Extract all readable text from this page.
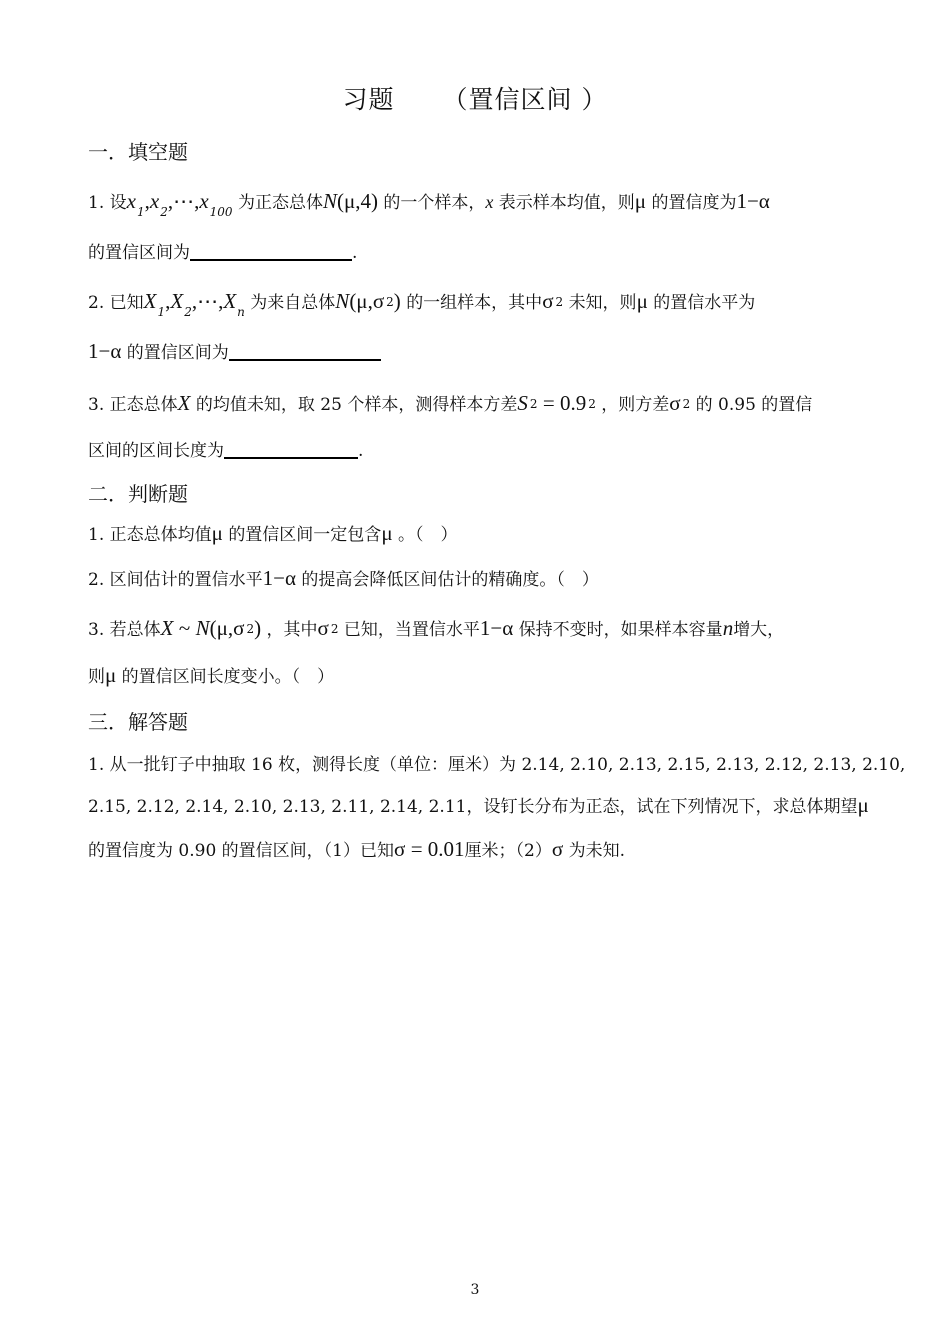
习题 （置信区间 ）
一．填空题
1. 设$x_1,x_2,\cdots,x_{100}$ 为正态总体N(μ,4) 的一个样本，x 表示样本均值，则μ 的置信度为1−α
的置信区间为	.
2. 已知$X_1,X_2,\cdots,X_n$ 为来自总体N(μ,σ 2) 的一组样本，其中σ 2 未知，则μ 的置信水平为
1−α 的置信区间为
3. 正态总体X 的均值未知，取 25 个样本，测得样本方差S 2 = 0.9 2 ，则方差σ 2 的 0.95 的置信
区间的区间长度为	.
二．判断题
1. 正态总体均值μ 的置信区间一定包含μ 。（　）
2. 区间估计的置信水平1−α 的提高会降低区间估计的精确度。（　）
3. 若总体X ~ N(μ,σ 2) ，其中σ 2 已知，当置信水平1−α 保持不变时，如果样本容量n增大，
则μ 的置信区间长度变小。（　）
三．解答题
1. 从一批钉子中抽取 16 枚，测得长度（单位：厘米）为 2.14, 2.10, 2.13, 2.15, 2.13, 2.12, 2.13, 2.10,
2.15, 2.12, 2.14, 2.10, 2.13, 2.11, 2.14, 2.11，设钉长分布为正态，试在下列情况下，求总体期望μ
的置信度为 0.90 的置信区间，（1）已知σ = 0.01厘米；（2）σ 为未知.
3
